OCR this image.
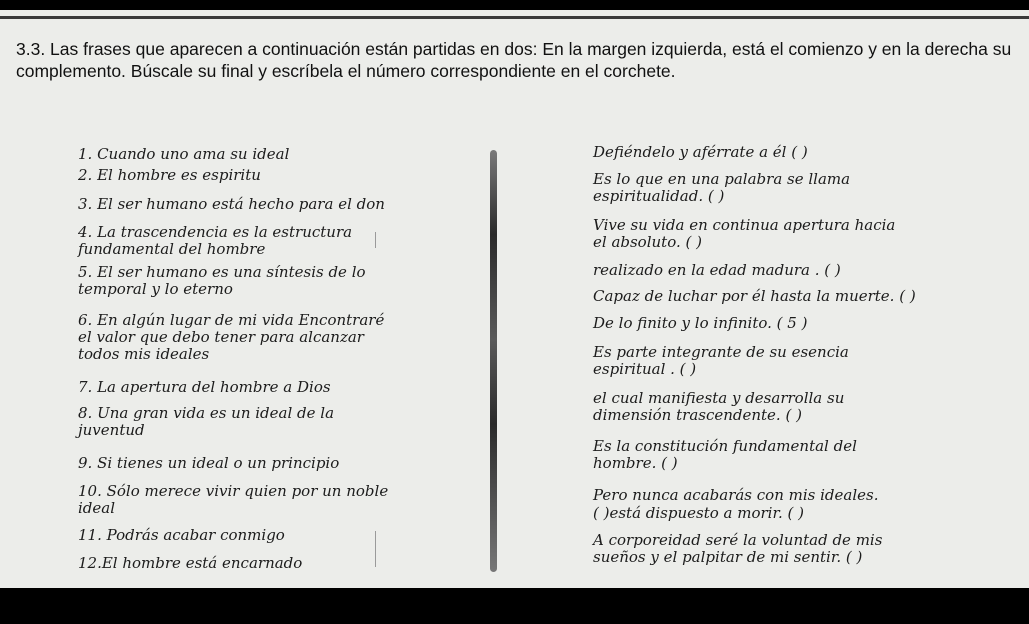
3.3. Las frases que aparecen a continuación están partidas en dos: En la margen izquierda, está el comienzo y en la derecha su complemento. Búscale su final y escríbela el número correspondiente en el corchete.

1. Cuando uno ama su ideal
2. El hombre es espiritu
3. El ser humano está hecho para el don
4. La trascendencia es la estructura
fundamental del hombre
5. El ser humano es una síntesis de lo
temporal y lo eterno
6. En algún lugar de mi vida Encontraré
el valor que debo tener para alcanzar
todos mis ideales
7. La apertura del hombre a Dios
8. Una gran vida es un ideal de la
juventud
9. Si tienes un ideal o un principio
10. Sólo merece vivir quien por un noble
ideal
11. Podrás acabar conmigo
12.El hombre está encarnado
Defiéndelo y aférrate a él ( )
Es lo que en una palabra se llama
espiritualidad. ( )
Vive su vida en continua apertura hacia
el absoluto. ( )
realizado en la edad madura . ( )
Capaz de luchar por él hasta la muerte. ( )
De lo finito y lo infinito. ( 5 )
Es parte integrante de su esencia
espiritual . ( )
el cual manifiesta y desarrolla su
dimensión trascendente. ( )
Es la constitución fundamental del
hombre. ( )
Pero nunca acabarás con mis ideales.
( )está dispuesto a morir. ( )
A corporeidad seré la voluntad de mis
sueños y el palpitar de mi sentir. ( )
